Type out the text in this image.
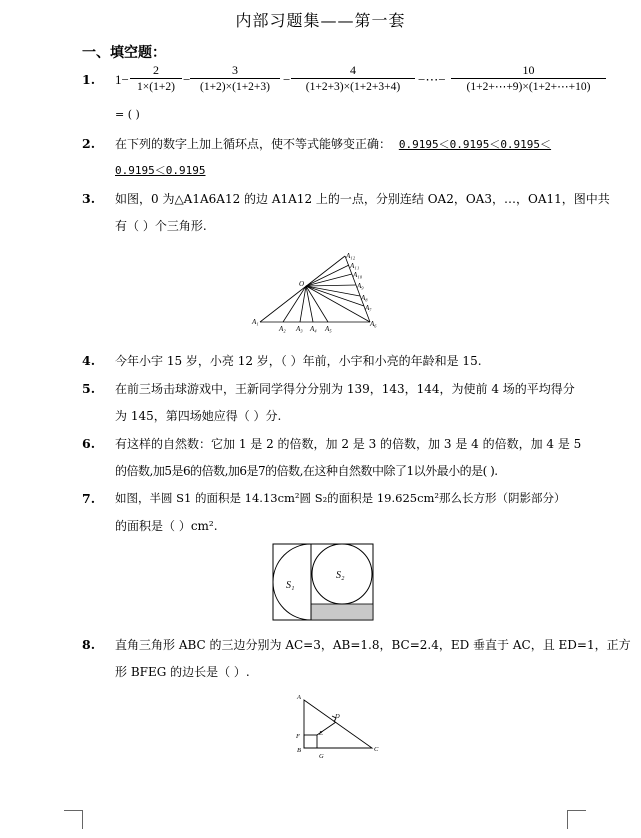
内部习题集——第一套
一、填空题：
1. 1−
2
1×(1+2) −
3
(1+2)×(1+2+3)	−
4
(1+2+3)×(1+2+3+4)	−⋯−
10
(1+2+⋯+9)×(1+2+⋯+10)
= ( )
2. 在下列的数字上加上循环点，使不等式能够变正确： 0.9195＜0.9195＜0.9195＜
0.9195＜0.9195
3. 如图，0 为△A1A6A12 的边 A1A12 上的一点，分别连结 OA2，OA3，…，OA11，图中共
有（ ）个三角形.
O
A₁
A₂ A₃ A₄ A₅
A₆
A₇
A₈
A₉
A₁₀
A₁₁
A₁₂
4. 今年小宇 15 岁，小亮 12 岁，（ ）年前，小宇和小亮的年龄和是 15.
5. 在前三场击球游戏中，王新同学得分分别为 139，143，144，为使前 4 场的平均得分
为 145，第四场她应得（ ）分.
6. 有这样的自然数：它加 1 是 2 的倍数，加 2 是 3 的倍数，加 3 是 4 的倍数，加 4 是 5
的倍数,加5是6的倍数,加6是7的倍数,在这种自然数中除了1以外最小的是( ).
7. 如图，半圆 S1 的面积是 14.13cm²圆 S₂的面积是 19.625cm²那么长方形（阴影部分）
的面积是（ ）cm².
S₁
S₂
8. 直角三角形 ABC 的三边分别为 AC=3，AB=1.8，BC=2.4，ED 垂直于 AC，且 ED=1，正方
形 BFEG 的边长是（ ）.
A
B	C
D
E
F
G
